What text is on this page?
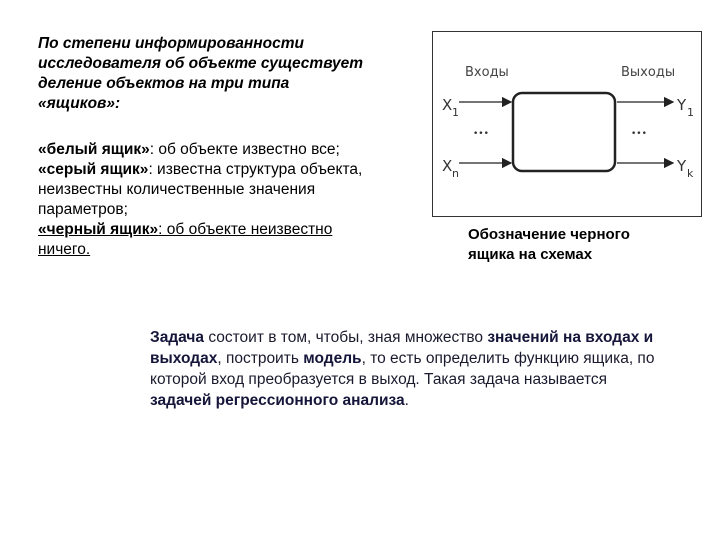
По степени информированности

исследователя об объекте существует

деление объектов на три типа

«ящиков»:

«белый ящик»: об объекте известно все;

«серый ящик»: известна структура объекта,

неизвестны количественные значения

параметров;

«черный ящик»: об объекте неизвестно

ничего.

Входы	Выходы
X 1
X n
Y 1
Y k
•••	•••
Обозначение черного
ящика на схемах
Задача состоит в том, чтобы, зная множество значений на входах и выходах, построить модель, то есть определить функцию ящика, по которой вход преобразуется в выход. Такая задача называется задачей регрессионного анализа.
